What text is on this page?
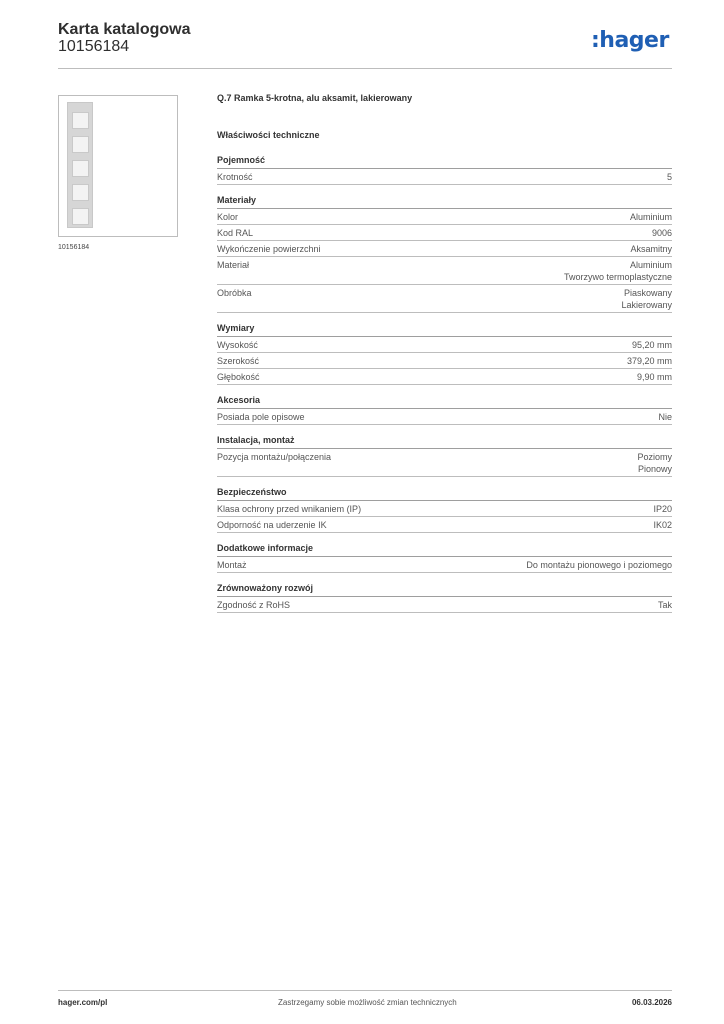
Karta katalogowa
10156184	:hager
10156184
Q.7 Ramka 5-krotna, alu aksamit, lakierowany
Właściwości techniczne
Pojemność
Krotność	5
Materiały
Kolor	Aluminium
Kod RAL	9006
Wykończenie powierzchni	Aksamitny
Materiał	Aluminium
Tworzywo termoplastyczne
Obróbka	Piaskowany
Lakierowany
Wymiary
Wysokość	95,20 mm
Szerokość	379,20 mm
Głębokość	9,90 mm
Akcesoria
Posiada pole opisowe	Nie
Instalacja, montaż
Pozycja montażu/połączenia	Poziomy
Pionowy
Bezpieczeństwo
Klasa ochrony przed wnikaniem (IP)	IP20
Odporność na uderzenie IK	IK02
Dodatkowe informacje
Montaż	Do montażu pionowego i poziomego
Zrównoważony rozwój
Zgodność z RoHS	Tak
hager.com/pl	Zastrzegamy sobie możliwość zmian technicznych	06.03.2026
